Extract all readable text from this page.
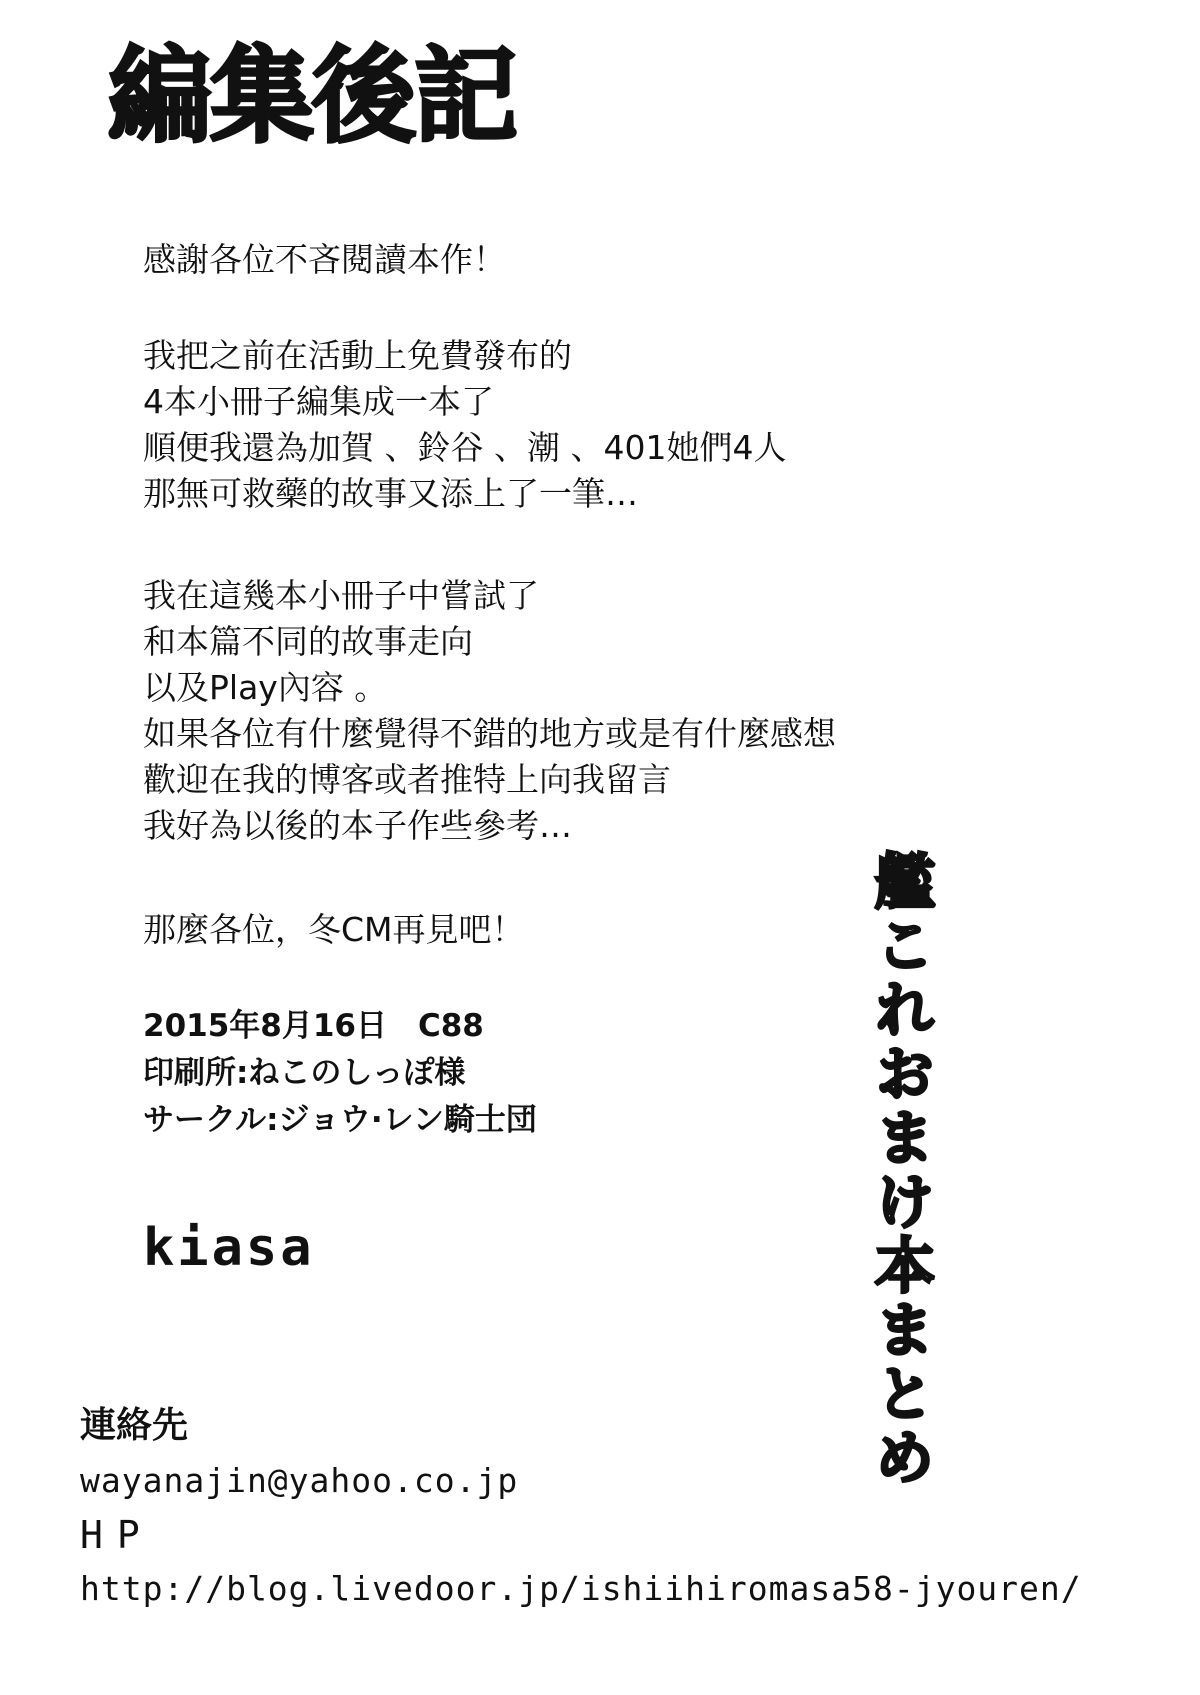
編集後記
感謝各位不吝閱讀本作！
我把之前在活動上免費發布的
4本小冊子編集成一本了
順便我還為加賀 、鈴谷 、潮 、401她們4人
那無可救藥的故事又添上了一筆…
我在這幾本小冊子中嘗試了
和本篇不同的故事走向
以及Play內容 。
如果各位有什麼覺得不錯的地方或是有什麼感想
歡迎在我的博客或者推特上向我留言
我好為以後的本子作些參考…
那麼各位，冬CM再見吧！
2015年8月16日　C88
印刷所:ねこのしっぽ様
サークル:ジョウ·レン騎士団
kiasa
連絡先
wayanajin@yahoo.co.jp
HP
http://blog.livedoor.jp/ishiihiromasa58-jyouren/
艦これおまけ本まとめ
